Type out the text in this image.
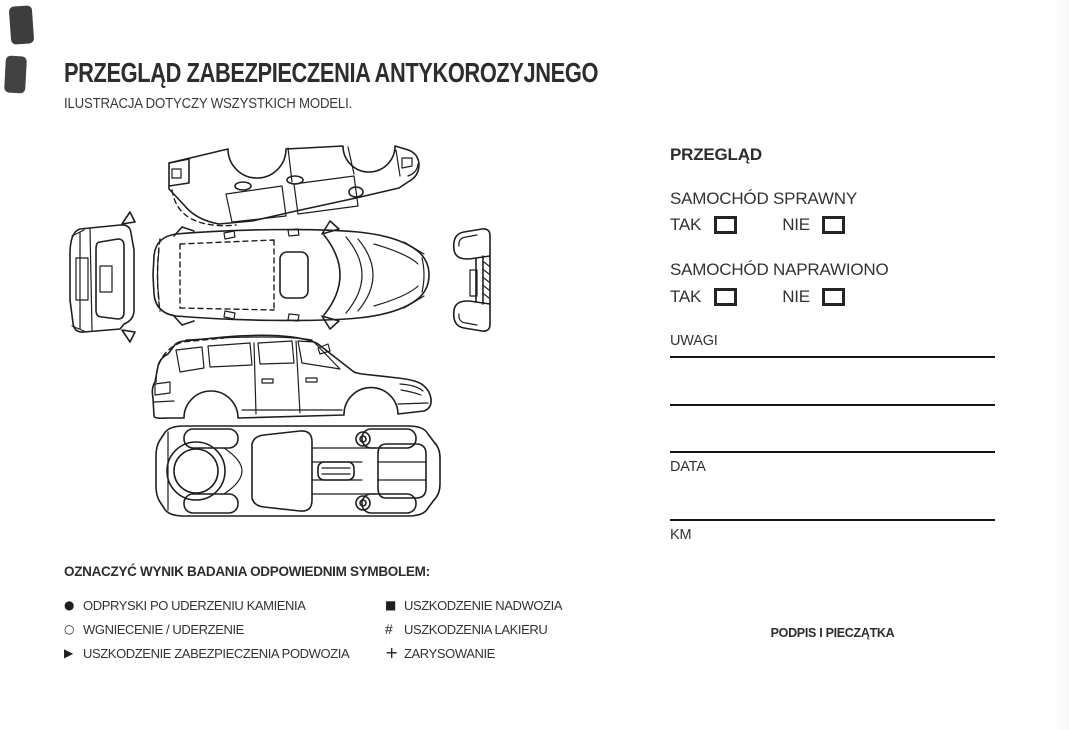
PRZEGLĄD ZABEZPIECZENIA ANTYKOROZYJNEGO
ILUSTRACJA DOTYCZY WSZYSTKICH MODELI.
OZNACZYĆ WYNIK BADANIA ODPOWIEDNIM SYMBOLEM:
● ODPRYSKI PO UDERZENIU KAMIENIA
○ WGNIECENIE / UDERZENIE
▶ USZKODZENIE ZABEZPIECZENIA PODWOZIA
■ USZKODZENIE NADWOZIA
# USZKODZENIA LAKIERU
+ ZARYSOWANIE
PRZEGLĄD
SAMOCHÓD SPRAWNY
TAK	NIE
SAMOCHÓD NAPRAWIONO
TAK	NIE
UWAGI
DATA
KM
PODPIS I PIECZĄTKA
